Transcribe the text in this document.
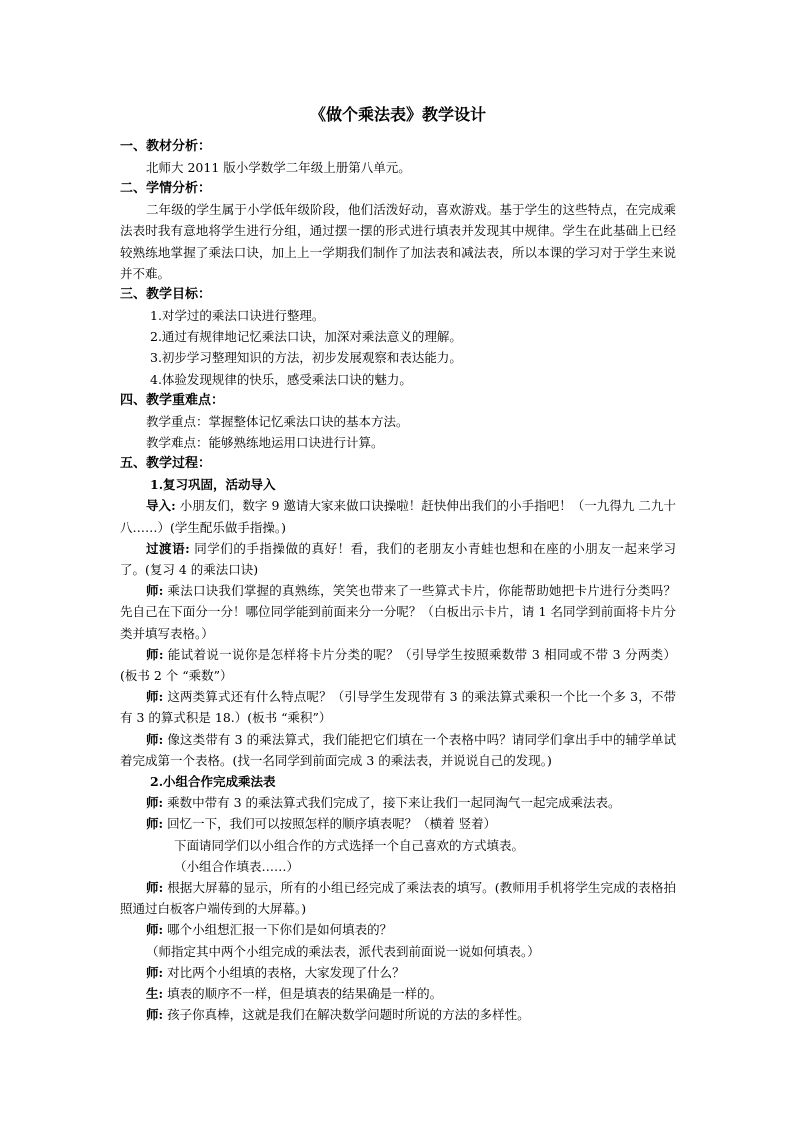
《做个乘法表》教学设计
一、教材分析：
北师大 2011 版小学数学二年级上册第八单元。
二、学情分析：
二年级的学生属于小学低年级阶段，他们活泼好动，喜欢游戏。基于学生的这些特点，在完成乘法表时我有意地将学生进行分组，通过摆一摆的形式进行填表并发现其中规律。学生在此基础上已经较熟练地掌握了乘法口诀，加上上一学期我们制作了加法表和减法表，所以本课的学习对于学生来说并不难。
三、教学目标：
1.对学过的乘法口诀进行整理。
2.通过有规律地记忆乘法口诀，加深对乘法意义的理解。
3.初步学习整理知识的方法，初步发展观察和表达能力。
4.体验发现规律的快乐，感受乘法口诀的魅力。
四、教学重难点：
教学重点：掌握整体记忆乘法口诀的基本方法。
教学难点：能够熟练地运用口诀进行计算。
五、教学过程：
1.复习巩固，活动导入
导入: 小朋友们，数字 9 邀请大家来做口诀操啦！赶快伸出我们的小手指吧！（一九得九 二九十八……）(学生配乐做手指操。)
过渡语: 同学们的手指操做的真好！看，我们的老朋友小青蛙也想和在座的小朋友一起来学习了。(复习 4 的乘法口诀)
师: 乘法口诀我们掌握的真熟练，笑笑也带来了一些算式卡片，你能帮助她把卡片进行分类吗？先自己在下面分一分！哪位同学能到前面来分一分呢？（白板出示卡片，请 1 名同学到前面将卡片分类并填写表格。）
师: 能试着说一说你是怎样将卡片分类的呢？（引导学生按照乘数带 3 相同或不带 3 分两类）(板书 2 个 “乘数”）
师: 这两类算式还有什么特点呢？（引导学生发现带有 3 的乘法算式乘积一个比一个多 3，不带有 3 的算式积是 18.）(板书 “乘积”）
师: 像这类带有 3 的乘法算式，我们能把它们填在一个表格中吗？请同学们拿出手中的辅学单试着完成第一个表格。(找一名同学到前面完成 3 的乘法表，并说说自己的发现。)
2.小组合作完成乘法表
师: 乘数中带有 3 的乘法算式我们完成了，接下来让我们一起同淘气一起完成乘法表。
师: 回忆一下，我们可以按照怎样的顺序填表呢？（横着 竖着）
下面请同学们以小组合作的方式选择一个自己喜欢的方式填表。
（小组合作填表……）
师: 根据大屏幕的显示，所有的小组已经完成了乘法表的填写。(教师用手机将学生完成的表格拍照通过白板客户端传到的大屏幕。)
师: 哪个小组想汇报一下你们是如何填表的？
（师指定其中两个小组完成的乘法表，派代表到前面说一说如何填表。）
师: 对比两个小组填的表格，大家发现了什么？
生: 填表的顺序不一样，但是填表的结果确是一样的。
师: 孩子你真棒，这就是我们在解决数学问题时所说的方法的多样性。
